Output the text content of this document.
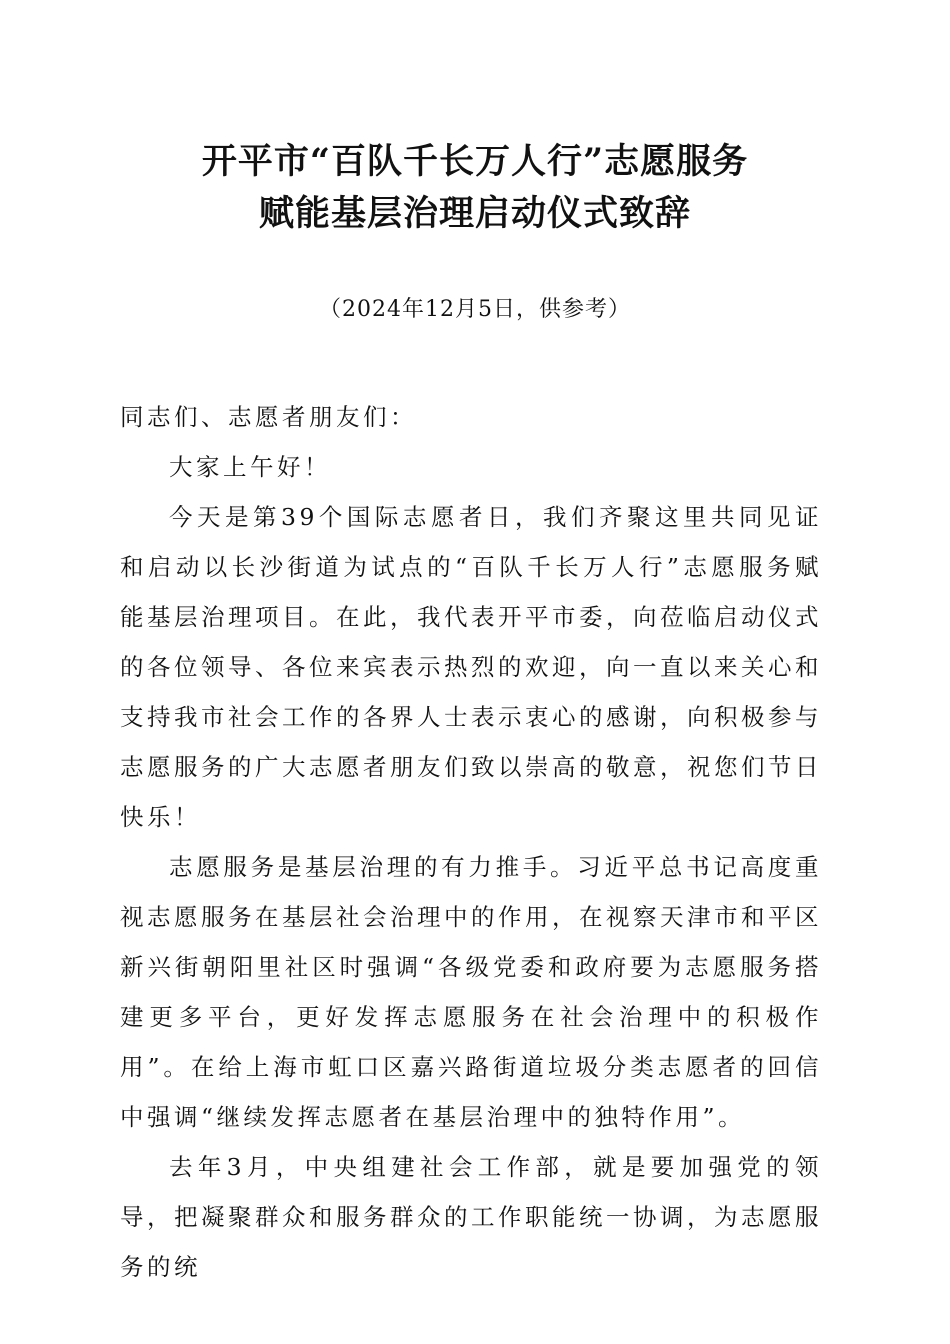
开平市“百队千长万人行”志愿服务
赋能基层治理启动仪式致辞
（2024年12月5日，供参考）

同志们、志愿者朋友们：

大家上午好！

今天是第39个国际志愿者日，我们齐聚这里共同见证和启动以长沙街道为试点的“百队千长万人行”志愿服务赋能基层治理项目。在此，我代表开平市委，向莅临启动仪式的各位领导、各位来宾表示热烈的欢迎，向一直以来关心和支持我市社会工作的各界人士表示衷心的感谢，向积极参与志愿服务的广大志愿者朋友们致以崇高的敬意，祝您们节日快乐！

志愿服务是基层治理的有力推手。习近平总书记高度重视志愿服务在基层社会治理中的作用，在视察天津市和平区新兴街朝阳里社区时强调“各级党委和政府要为志愿服务搭建更多平台，更好发挥志愿服务在社会治理中的积极作用”。在给上海市虹口区嘉兴路街道垃圾分类志愿者的回信中强调“继续发挥志愿者在基层治理中的独特作用”。

去年3月，中央组建社会工作部，就是要加强党的领导，把凝聚群众和服务群众的工作职能统一协调，为志愿服务的统
